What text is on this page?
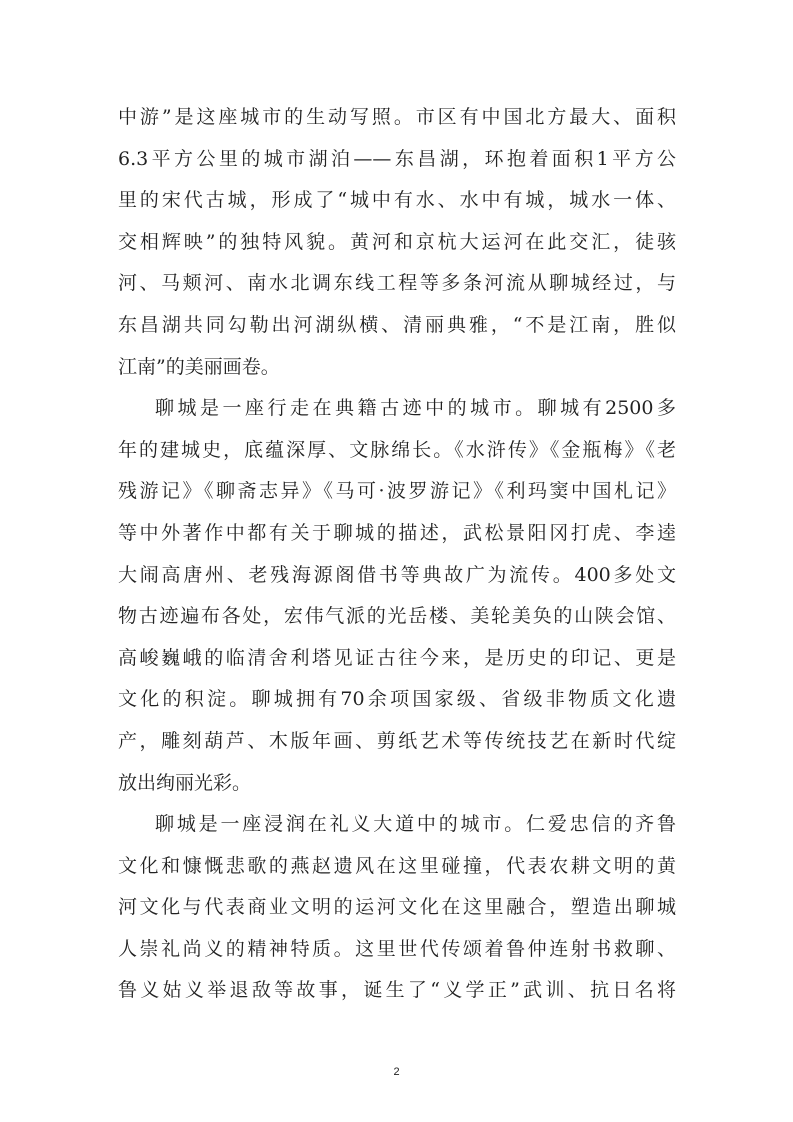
中游”是这座城市的生动写照。市区有中国北方最大、面积
6.3平方公里的城市湖泊——东昌湖，环抱着面积1平方公
里的宋代古城，形成了“城中有水、水中有城，城水一体、
交相辉映”的独特风貌。黄河和京杭大运河在此交汇，徒骇
河、马颊河、南水北调东线工程等多条河流从聊城经过，与
东昌湖共同勾勒出河湖纵横、清丽典雅，“不是江南，胜似
江南”的美丽画卷。
聊城是一座行走在典籍古迹中的城市。聊城有2500多
年的建城史，底蕴深厚、文脉绵长。《水浒传》《金瓶梅》《老
残游记》《聊斋志异》《马可·波罗游记》《利玛窦中国札记》
等中外著作中都有关于聊城的描述，武松景阳冈打虎、李逵
大闹高唐州、老残海源阁借书等典故广为流传。400多处文
物古迹遍布各处，宏伟气派的光岳楼、美轮美奂的山陕会馆、
高峻巍峨的临清舍利塔见证古往今来，是历史的印记、更是
文化的积淀。聊城拥有70余项国家级、省级非物质文化遗
产，雕刻葫芦、木版年画、剪纸艺术等传统技艺在新时代绽
放出绚丽光彩。
聊城是一座浸润在礼义大道中的城市。仁爱忠信的齐鲁
文化和慷慨悲歌的燕赵遗风在这里碰撞，代表农耕文明的黄
河文化与代表商业文明的运河文化在这里融合，塑造出聊城
人崇礼尚义的精神特质。这里世代传颂着鲁仲连射书救聊、
鲁义姑义举退敌等故事，诞生了“义学正”武训、抗日名将
2
